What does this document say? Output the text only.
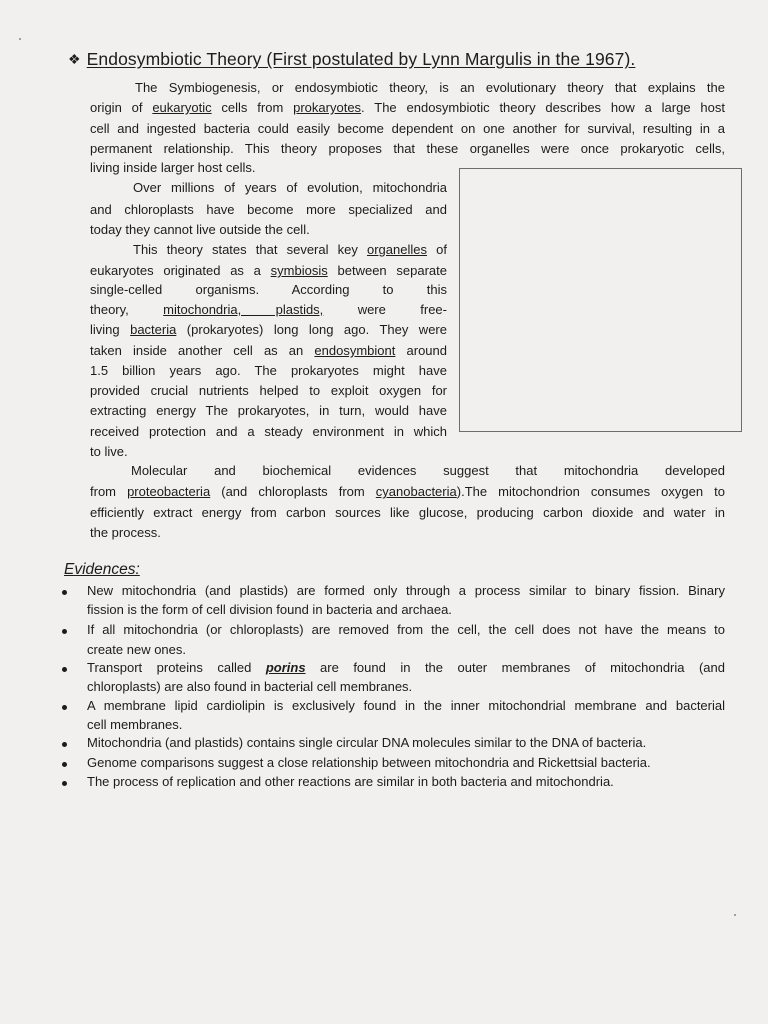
❖ Endosymbiotic Theory (First postulated by Lynn Margulis in the 1967).
The Symbiogenesis, or endosymbiotic theory, is an evolutionary theory that explains the
origin of eukaryotic cells from prokaryotes. The endosymbiotic theory describes how a large host
cell and ingested bacteria could easily become dependent on one another for survival, resulting in a
permanent relationship. This theory proposes that these organelles were once prokaryotic cells,
living inside larger host cells.
Over millions of years of evolution, mitochondria
and chloroplasts have become more specialized and
today they cannot live outside the cell.
This theory states that several key organelles of
eukaryotes originated as a symbiosis between separate
single-celled organisms. According to this
theory, mitochondria, plastids, were free-
living bacteria (prokaryotes) long long ago. They were
taken inside another cell as an endosymbiont around
1.5 billion years ago. The prokaryotes might have
provided crucial nutrients helped to exploit oxygen for
extracting energy The prokaryotes, in turn, would have
received protection and a steady environment in which
to live.
Molecular and biochemical evidences suggest that mitochondria developed
from proteobacteria (and chloroplasts from cyanobacteria).The mitochondrion consumes oxygen to
efficiently extract energy from carbon sources like glucose, producing carbon dioxide and water in
the process.
New mitochondria (and plastids) are formed only through a process similar to binary fission. Binary
fission is the form of cell division found in bacteria and archaea.
If all mitochondria (or chloroplasts) are removed from the cell, the cell does not have the means to
create new ones.
Transport proteins called porins are found in the outer membranes of mitochondria (and
chloroplasts) are also found in bacterial cell membranes.
A membrane lipid cardiolipin is exclusively found in the inner mitochondrial membrane and bacterial
cell membranes.
Mitochondria (and plastids) contains single circular DNA molecules similar to the DNA of bacteria.
Genome comparisons suggest a close relationship between mitochondria and Rickettsial bacteria.
The process of replication and other reactions are similar in both bacteria and mitochondria.
Evidences:
